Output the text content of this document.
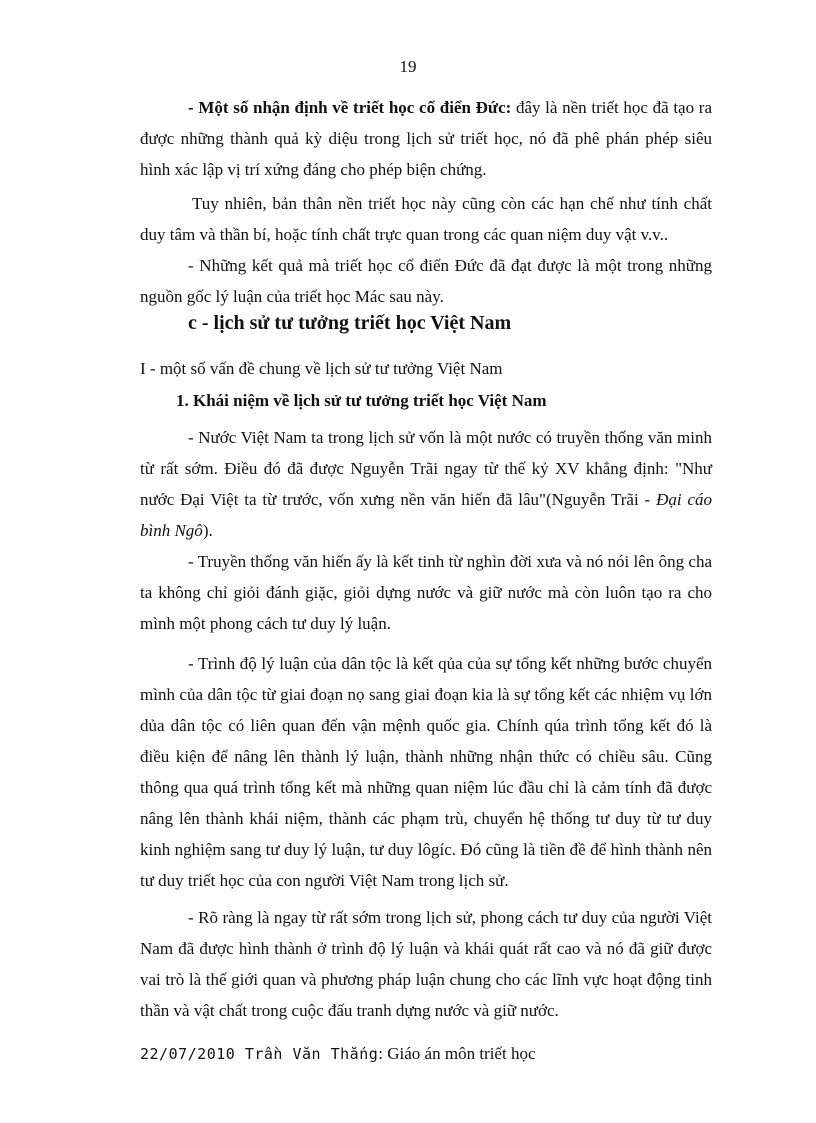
19

- Một số nhận định về triết học cổ điển Đức: đây là nền triết học đã tạo ra được những thành quả kỳ diệu trong lịch sử triết học, nó đã phê phán phép siêu hình xác lập vị trí xứng đáng cho phép biện chứng.

Tuy nhiên, bản thân nền triết học này cũng còn các hạn chế như tính chất duy tâm và thần bí, hoặc tính chất trực quan trong các quan niệm duy vật v.v..

- Những kết quả mà triết học cổ điển Đức đã đạt được là một trong những nguồn gốc lý luận của triết học Mác sau này.

c - lịch sử tư tưởng triết học Việt Nam
I - một số vấn đề chung về lịch sử tư tưởng Việt Nam
1. Khái niệm về lịch sử tư tưởng triết học Việt Nam

- Nước Việt Nam ta trong lịch sử vốn là một nước có truyền thống văn minh từ rất sớm. Điều đó đã được Nguyễn Trãi ngay từ thế kỷ XV khẳng định: "Như nước Đại Việt ta từ trước, vốn xưng nền văn hiến đã lâu"(Nguyễn Trãi - Đại cáo bình Ngô).

- Truyền thống văn hiến ấy là kết tinh từ nghìn đời xưa và nó nói lên ông cha ta không chỉ giỏi đánh giặc, giỏi dựng nước và giữ nước mà còn luôn tạo ra cho mình một phong cách tư duy lý luận.

- Trình độ lý luận của dân tộc là kết qủa của sự tổng kết những bước chuyển mình của dân tộc từ giai đoạn nọ sang giai đoạn kia là sự tổng kết các nhiệm vụ lớn dủa dân tộc có liên quan đến vận mệnh quốc gia. Chính qúa trình tổng kết đó là điều kiện để nâng lên thành lý luận, thành những nhận thức có chiều sâu. Cũng thông qua quá trình tổng kết mà những quan niệm lúc đầu chỉ là cảm tính đã được nâng lên thành khái niệm, thành các phạm trù, chuyển hệ thống tư duy từ tư duy kinh nghiệm sang tư duy lý luận, tư duy lôgíc. Đó cũng là tiền đề để hình thành nên tư duy triết học của con người Việt Nam trong lịch sử.

- Rõ ràng là ngay từ rất sớm trong lịch sử, phong cách tư duy của người Việt Nam đã được hình thành ở trình độ lý luận và khái quát rất cao và nó đã giữ được vai trò là thế giới quan và phương pháp luận chung cho các lĩnh vực hoạt động tinh thần và vật chất trong cuộc đấu tranh dựng nước và giữ nước.

22/07/2010 Trần Văn Thắng: Giáo án môn triết học
